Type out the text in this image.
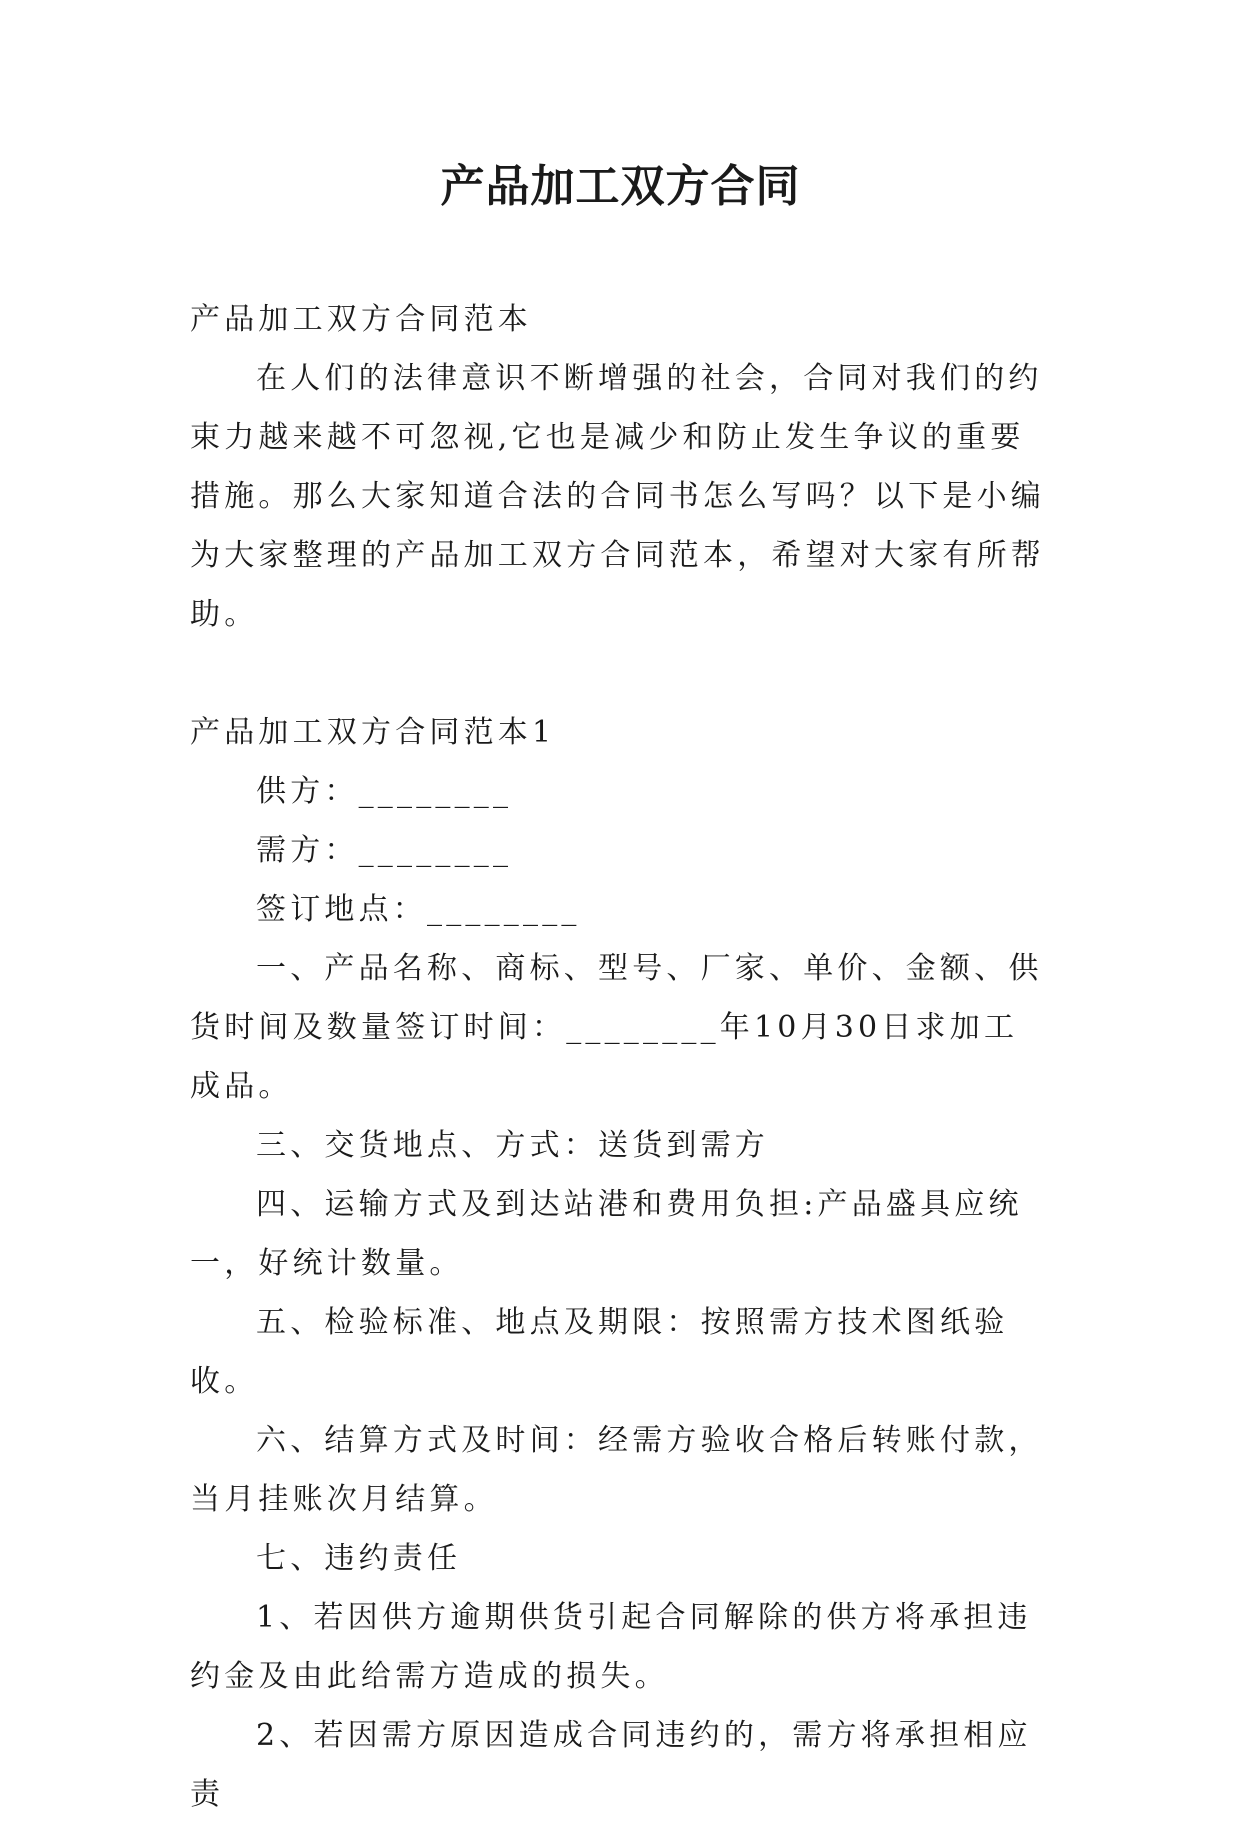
产品加工双方合同

产品加工双方合同范本

在人们的法律意识不断增强的社会，合同对我们的约束力越来越不可忽视,它也是减少和防止发生争议的重要措施。那么大家知道合法的合同书怎么写吗？以下是小编为大家整理的产品加工双方合同范本，希望对大家有所帮助。

产品加工双方合同范本1

供方：________

需方：________

签订地点：________

一、产品名称、商标、型号、厂家、单价、金额、供货时间及数量签订时间：________年10月30日求加工成品。

三、交货地点、方式：送货到需方

四、运输方式及到达站港和费用负担:产品盛具应统一，好统计数量。

五、检验标准、地点及期限：按照需方技术图纸验收。

六、结算方式及时间：经需方验收合格后转账付款，当月挂账次月结算。

七、违约责任

1、若因供方逾期供货引起合同解除的供方将承担违约金及由此给需方造成的损失。

2、若因需方原因造成合同违约的，需方将承担相应责
